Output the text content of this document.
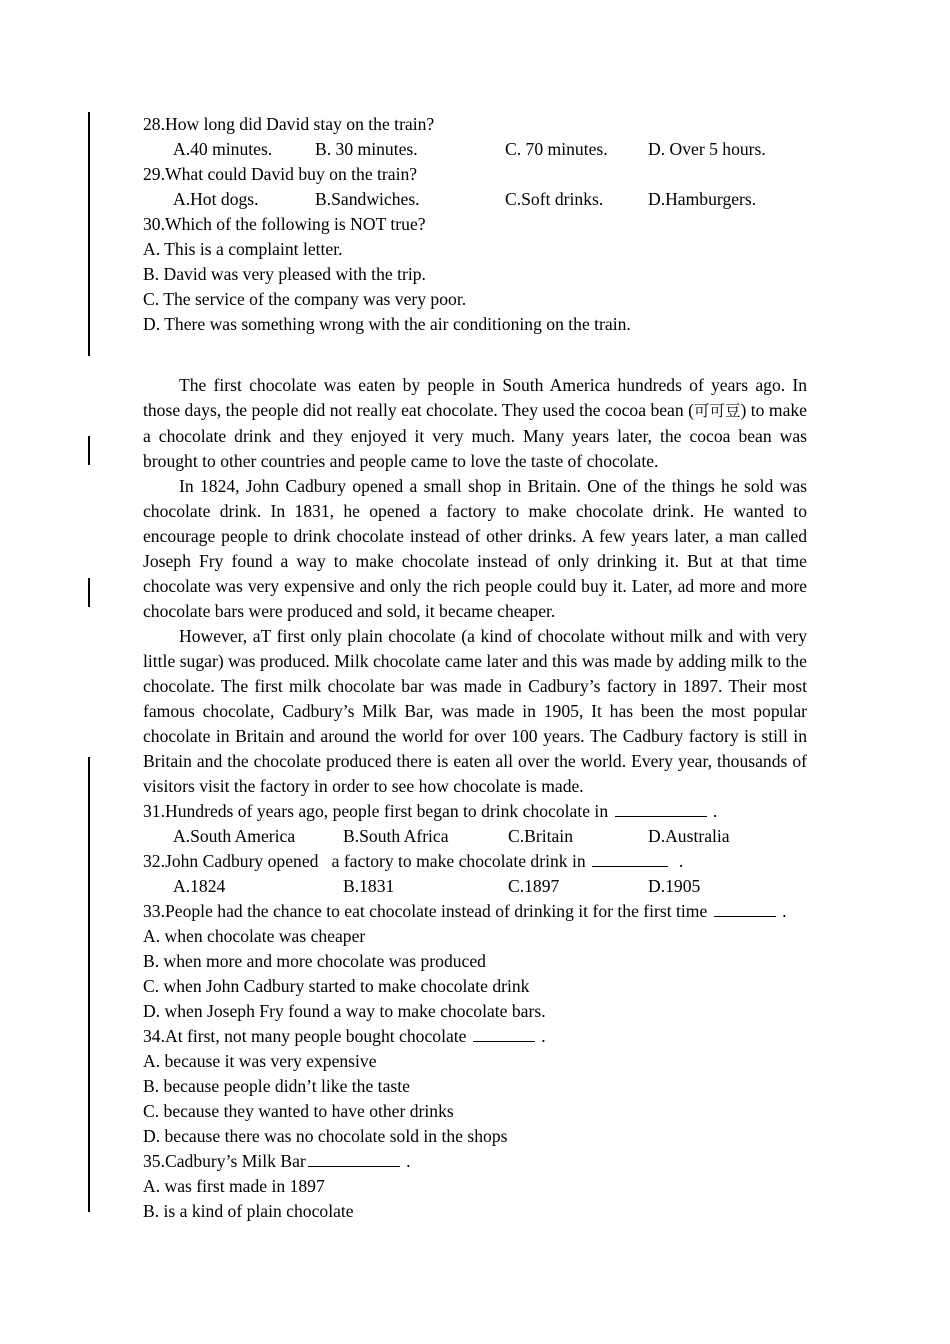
28.How long did David stay on the train?
A.40 minutes. B. 30 minutes.	C. 70 minutes. D. Over 5 hours.
29.What could David buy on the train?
A.Hot dogs.	B.Sandwiches.	C.Soft drinks.	D.Hamburgers.
30.Which of the following is NOT true?
A. This is a complaint letter.
B. David was very pleased with the trip.
C. The service of the company was very poor.
D. There was something wrong with the air conditioning on the train.

The first chocolate was eaten by people in South America hundreds of years ago. In those days, the people did not really eat chocolate. They used the cocoa bean (可可豆) to make a chocolate drink and they enjoyed it very much. Many years later, the cocoa bean was brought to other countries and people came to love the taste of chocolate.

In 1824, John Cadbury opened a small shop in Britain. One of the things he sold was chocolate drink. In 1831, he opened a factory to make chocolate drink. He wanted to encourage people to drink chocolate instead of other drinks. A few years later, a man called Joseph Fry found a way to make chocolate instead of only drinking it. But at that time chocolate was very expensive and only the rich people could buy it. Later, ad more and more chocolate bars were produced and sold, it became cheaper.

However, aT first only plain chocolate (a kind of chocolate without milk and with very little sugar) was produced. Milk chocolate came later and this was made by adding milk to the chocolate. The first milk chocolate bar was made in Cadbury’s factory in 1897. Their most famous chocolate, Cadbury’s Milk Bar, was made in 1905, It has been the most popular chocolate in Britain and around the world for over 100 years. The Cadbury factory is still in Britain and the chocolate produced there is eaten all over the world. Every year, thousands of visitors visit the factory in order to see how chocolate is made.

31.Hundreds of years ago, people first began to drink chocolate in	.
A.South America	B.South Africa	C.Britain	D.Australia
32.John Cadbury opened   a factory to make chocolate drink in	.
A.1824	B.1831	C.1897	D.1905
33.People had the chance to eat chocolate instead of drinking it for the first time	.
A. when chocolate was cheaper
B. when more and more chocolate was produced
C. when John Cadbury started to make chocolate drink
D. when Joseph Fry found a way to make chocolate bars.
34.At first, not many people bought chocolate	.
A. because it was very expensive
B. because people didn’t like the taste
C. because they wanted to have other drinks
D. because there was no chocolate sold in the shops
35.Cadbury’s Milk Bar	.
A. was first made in 1897
B. is a kind of plain chocolate
